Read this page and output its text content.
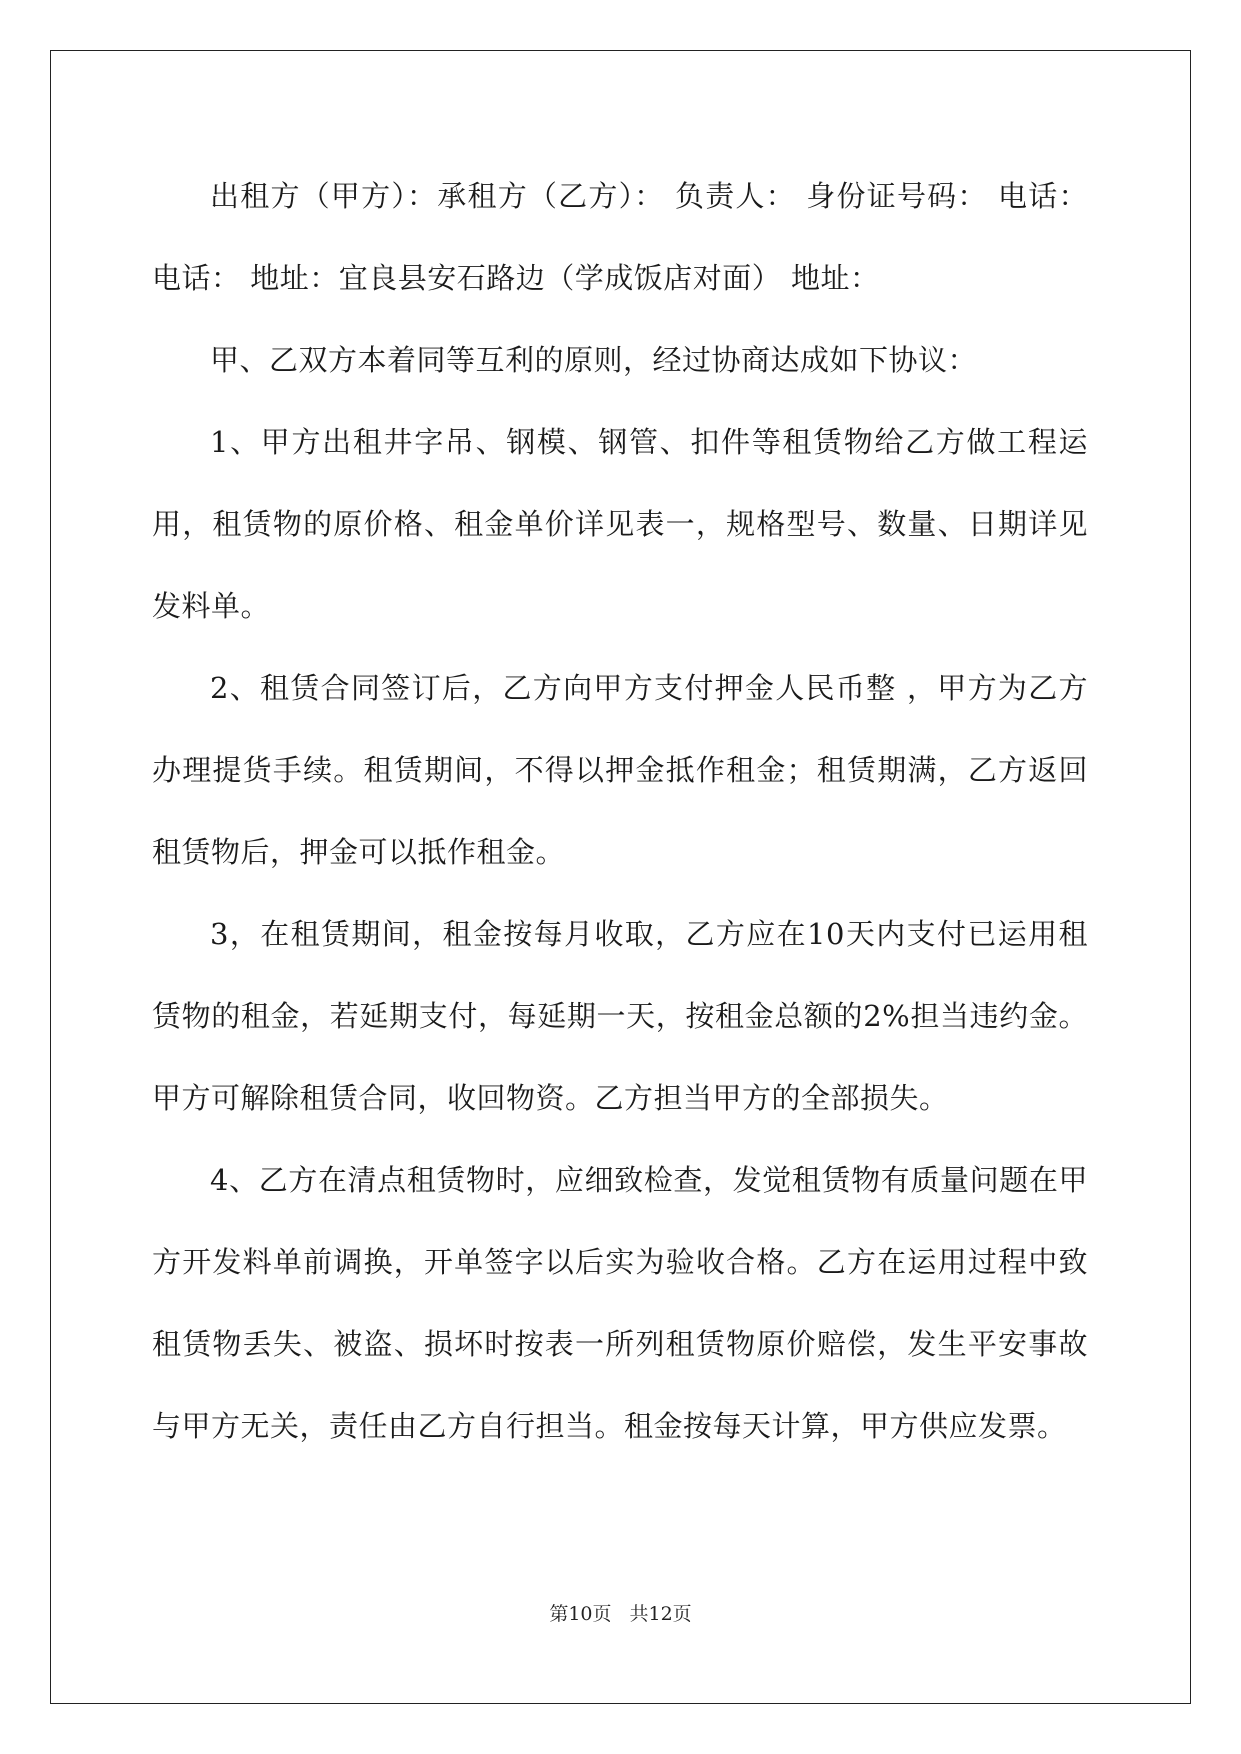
出租方（甲方）：承租方（乙方）： 负责人： 身份证号码： 电话： 电话： 地址：宜良县安石路边（学成饭店对面） 地址：

甲、乙双方本着同等互利的原则，经过协商达成如下协议：

1、甲方出租井字吊、钢模、钢管、扣件等租赁物给乙方做工程运用，租赁物的原价格、租金单价详见表一，规格型号、数量、日期详见发料单。

2、租赁合同签订后，乙方向甲方支付押金人民币整 ，甲方为乙方办理提货手续。租赁期间，不得以押金抵作租金；租赁期满，乙方返回租赁物后，押金可以抵作租金。

3，在租赁期间，租金按每月收取，乙方应在10天内支付已运用租赁物的租金，若延期支付，每延期一天，按租金总额的2%担当违约金。甲方可解除租赁合同，收回物资。乙方担当甲方的全部损失。

4、乙方在清点租赁物时，应细致检查，发觉租赁物有质量问题在甲方开发料单前调换，开单签字以后实为验收合格。乙方在运用过程中致租赁物丢失、被盗、损坏时按表一所列租赁物原价赔偿，发生平安事故与甲方无关，责任由乙方自行担当。租金按每天计算，甲方供应发票。

第10页 共12页
